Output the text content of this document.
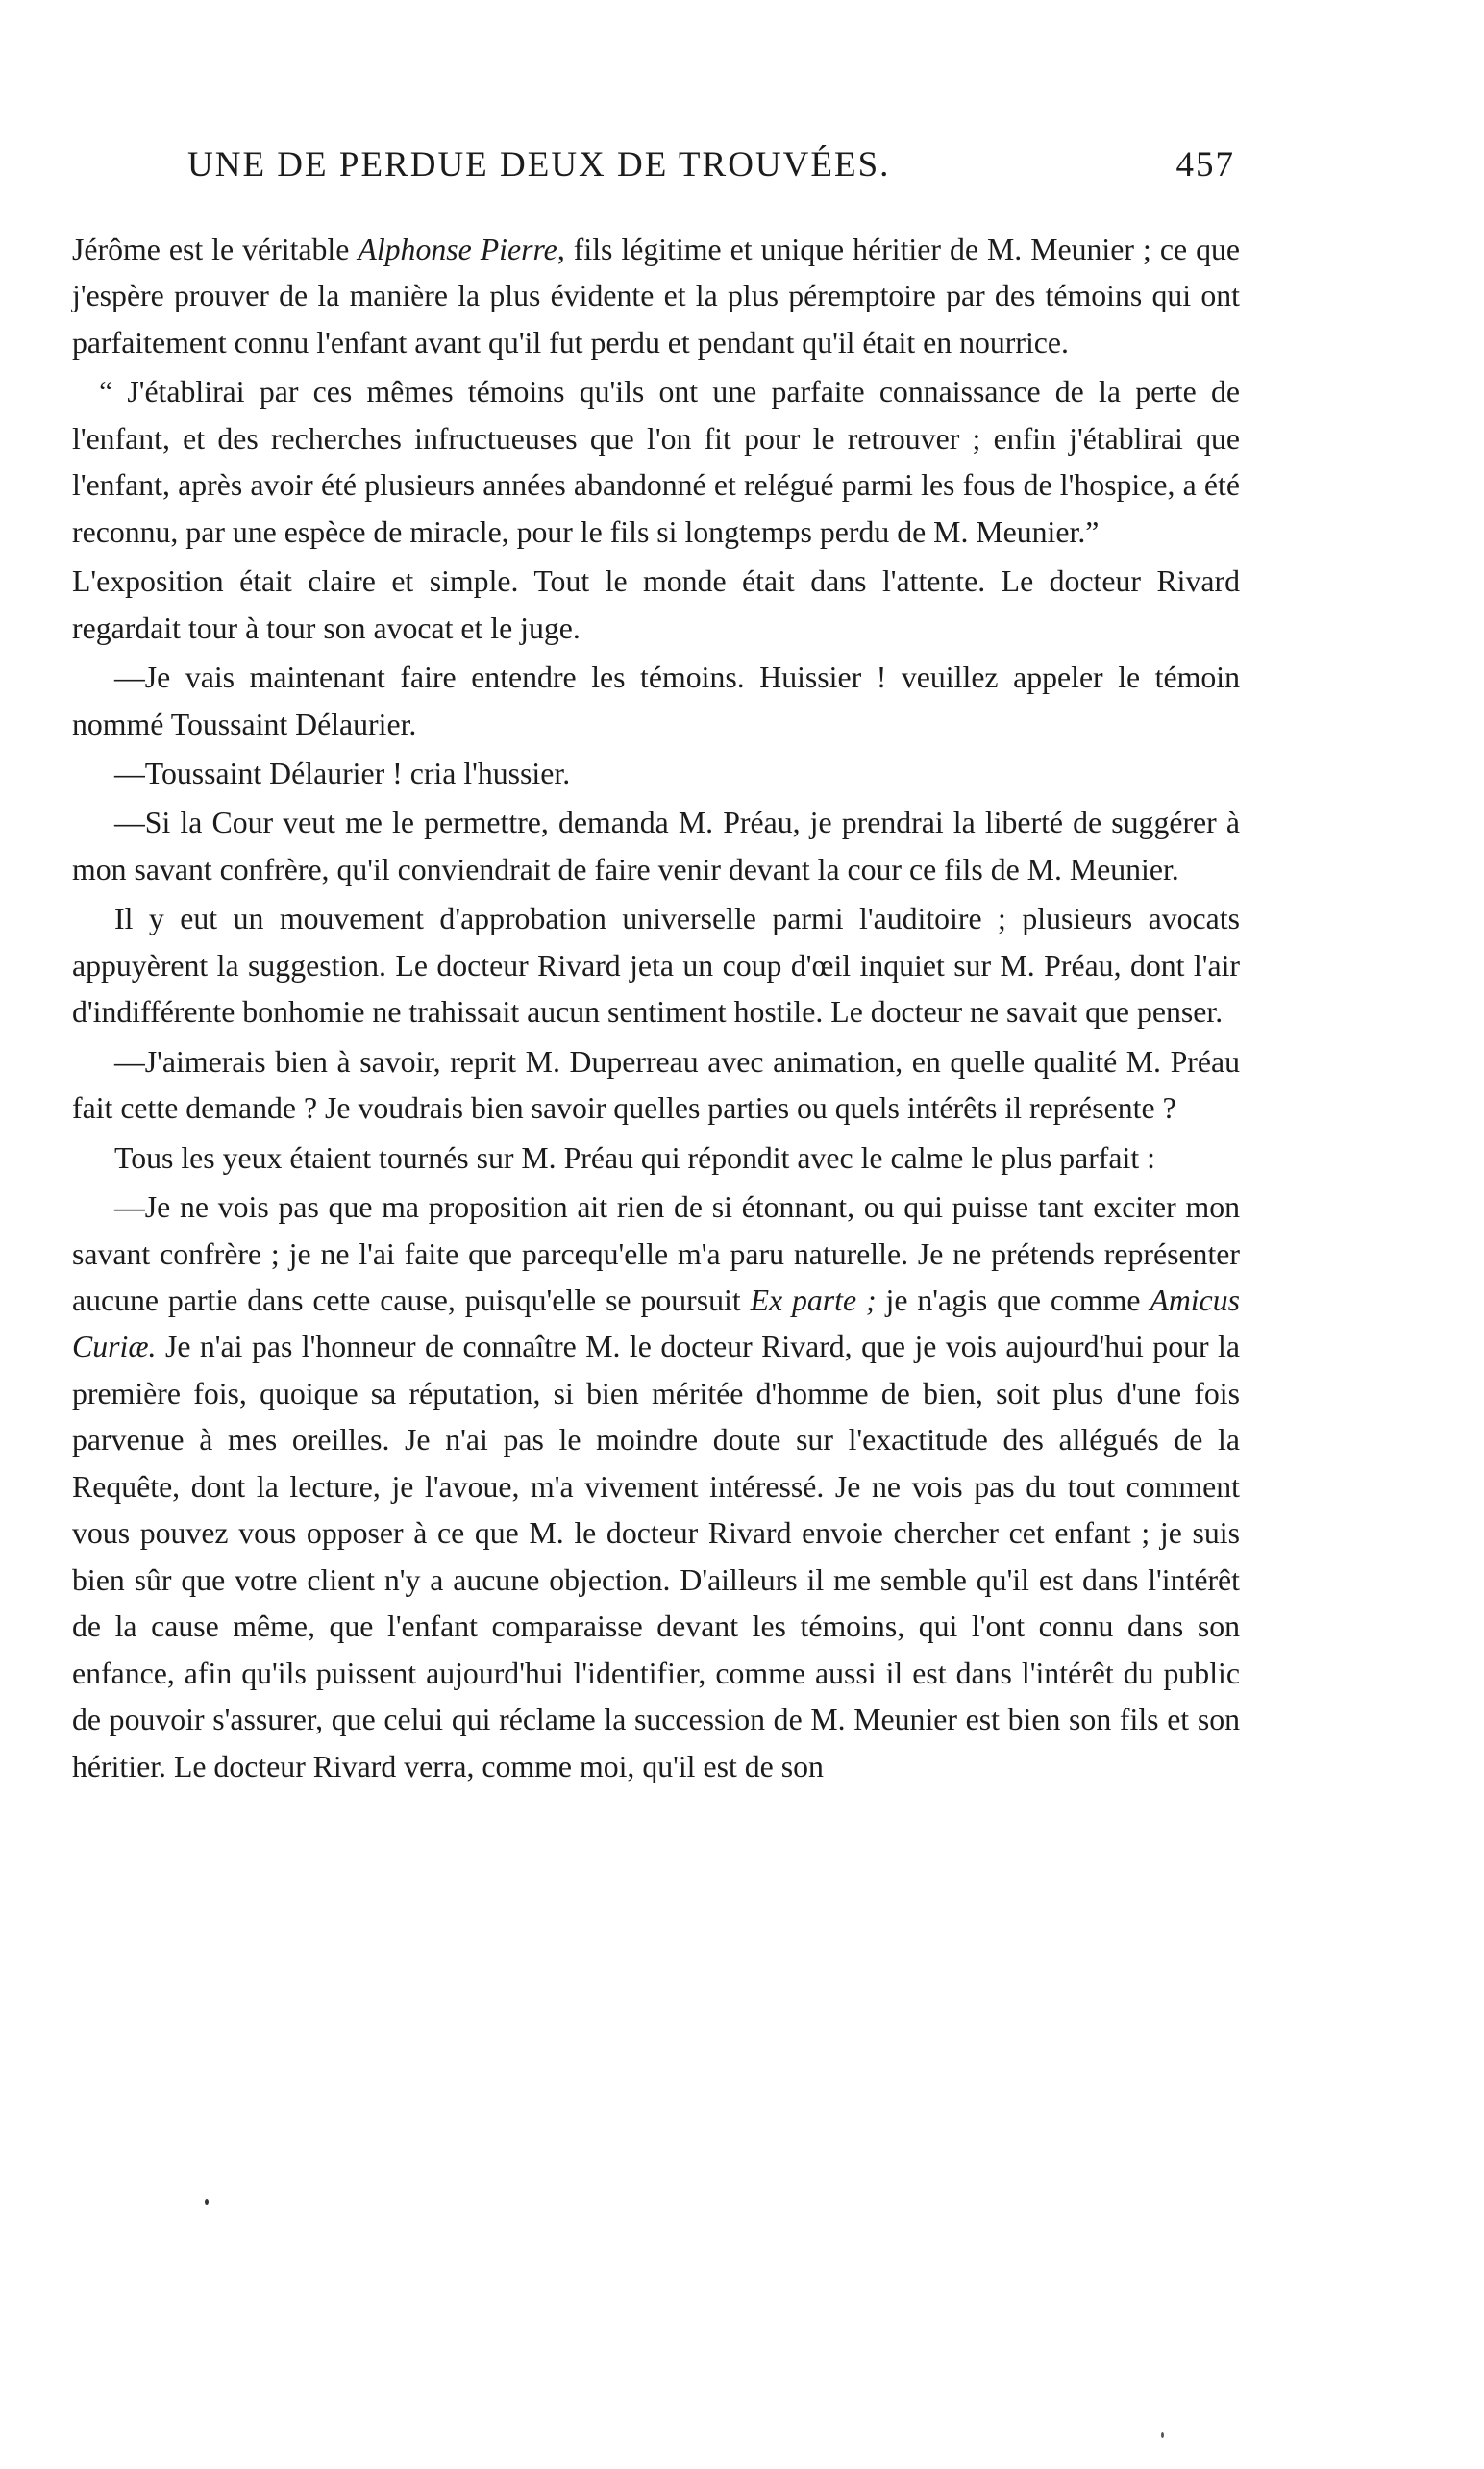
UNE DE PERDUE DEUX DE TROUVÉES.	457

Jérôme est le véritable Alphonse Pierre, fils légitime et unique héritier de M. Meunier ; ce que j'espère prouver de la manière la plus évidente et la plus péremptoire par des témoins qui ont parfaitement connu l'enfant avant qu'il fut perdu et pendant qu'il était en nourrice.

“ J'établirai par ces mêmes témoins qu'ils ont une parfaite connaissance de la perte de l'enfant, et des recherches infructueuses que l'on fit pour le retrouver ; enfin j'établirai que l'enfant, après avoir été plusieurs années abandonné et relégué parmi les fous de l'hospice, a été reconnu, par une espèce de miracle, pour le fils si longtemps perdu de M. Meunier.”

L'exposition était claire et simple. Tout le monde était dans l'attente. Le docteur Rivard regardait tour à tour son avocat et le juge.

—Je vais maintenant faire entendre les témoins. Huissier ! veuillez appeler le témoin nommé Toussaint Délaurier.

—Toussaint Délaurier ! cria l'hussier.

—Si la Cour veut me le permettre, demanda M. Préau, je prendrai la liberté de suggérer à mon savant confrère, qu'il conviendrait de faire venir devant la cour ce fils de M. Meunier.

Il y eut un mouvement d'approbation universelle parmi l'auditoire ; plusieurs avocats appuyèrent la suggestion. Le docteur Rivard jeta un coup d'œil inquiet sur M. Préau, dont l'air d'indifférente bonhomie ne trahissait aucun sentiment hostile. Le docteur ne savait que penser.

—J'aimerais bien à savoir, reprit M. Duperreau avec animation, en quelle qualité M. Préau fait cette demande ? Je voudrais bien savoir quelles parties ou quels intérêts il représente ?

Tous les yeux étaient tournés sur M. Préau qui répondit avec le calme le plus parfait :

—Je ne vois pas que ma proposition ait rien de si étonnant, ou qui puisse tant exciter mon savant confrère ; je ne l'ai faite que parcequ'elle m'a paru naturelle. Je ne prétends représenter aucune partie dans cette cause, puisqu'elle se poursuit Ex parte ; je n'agis que comme Amicus Curiæ. Je n'ai pas l'honneur de connaître M. le docteur Rivard, que je vois aujourd'hui pour la première fois, quoique sa réputation, si bien méritée d'homme de bien, soit plus d'une fois parvenue à mes oreilles. Je n'ai pas le moindre doute sur l'exactitude des allégués de la Requête, dont la lecture, je l'avoue, m'a vivement intéressé. Je ne vois pas du tout comment vous pouvez vous opposer à ce que M. le docteur Rivard envoie chercher cet enfant ; je suis bien sûr que votre client n'y a aucune objection. D'ailleurs il me semble qu'il est dans l'intérêt de la cause même, que l'enfant comparaisse devant les témoins, qui l'ont connu dans son enfance, afin qu'ils puissent aujourd'hui l'identifier, comme aussi il est dans l'intérêt du public de pouvoir s'assurer, que celui qui réclame la succession de M. Meunier est bien son fils et son héritier. Le docteur Rivard verra, comme moi, qu'il est de son
